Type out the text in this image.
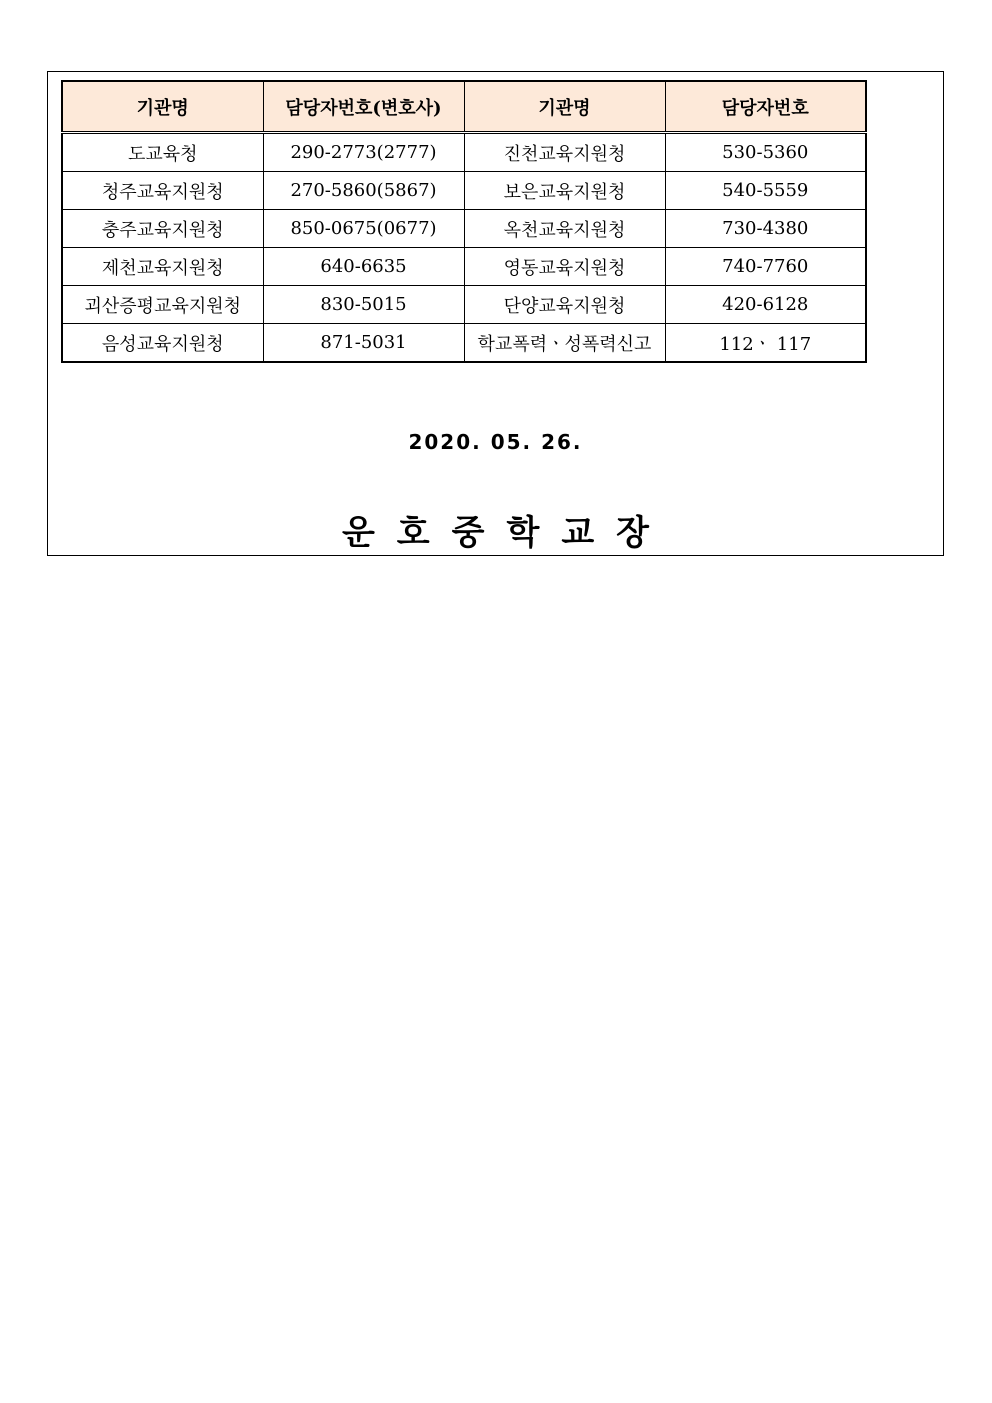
기관명	담당자번호(변호사)	기관명	담당자번호
도교육청	290-2773(2777)	진천교육지원청	530-5360
청주교육지원청	270-5860(5867)	보은교육지원청	540-5559
충주교육지원청	850-0675(0677)	옥천교육지원청	730-4380
제천교육지원청	640-6635	영동교육지원청	740-7760
괴산증평교육지원청	830-5015	단양교육지원청	420-6128
음성교육지원청	871-5031	학교폭력ㆍ성폭력신고	112ㆍ 117
2020. 05. 26.
운호중학교장
